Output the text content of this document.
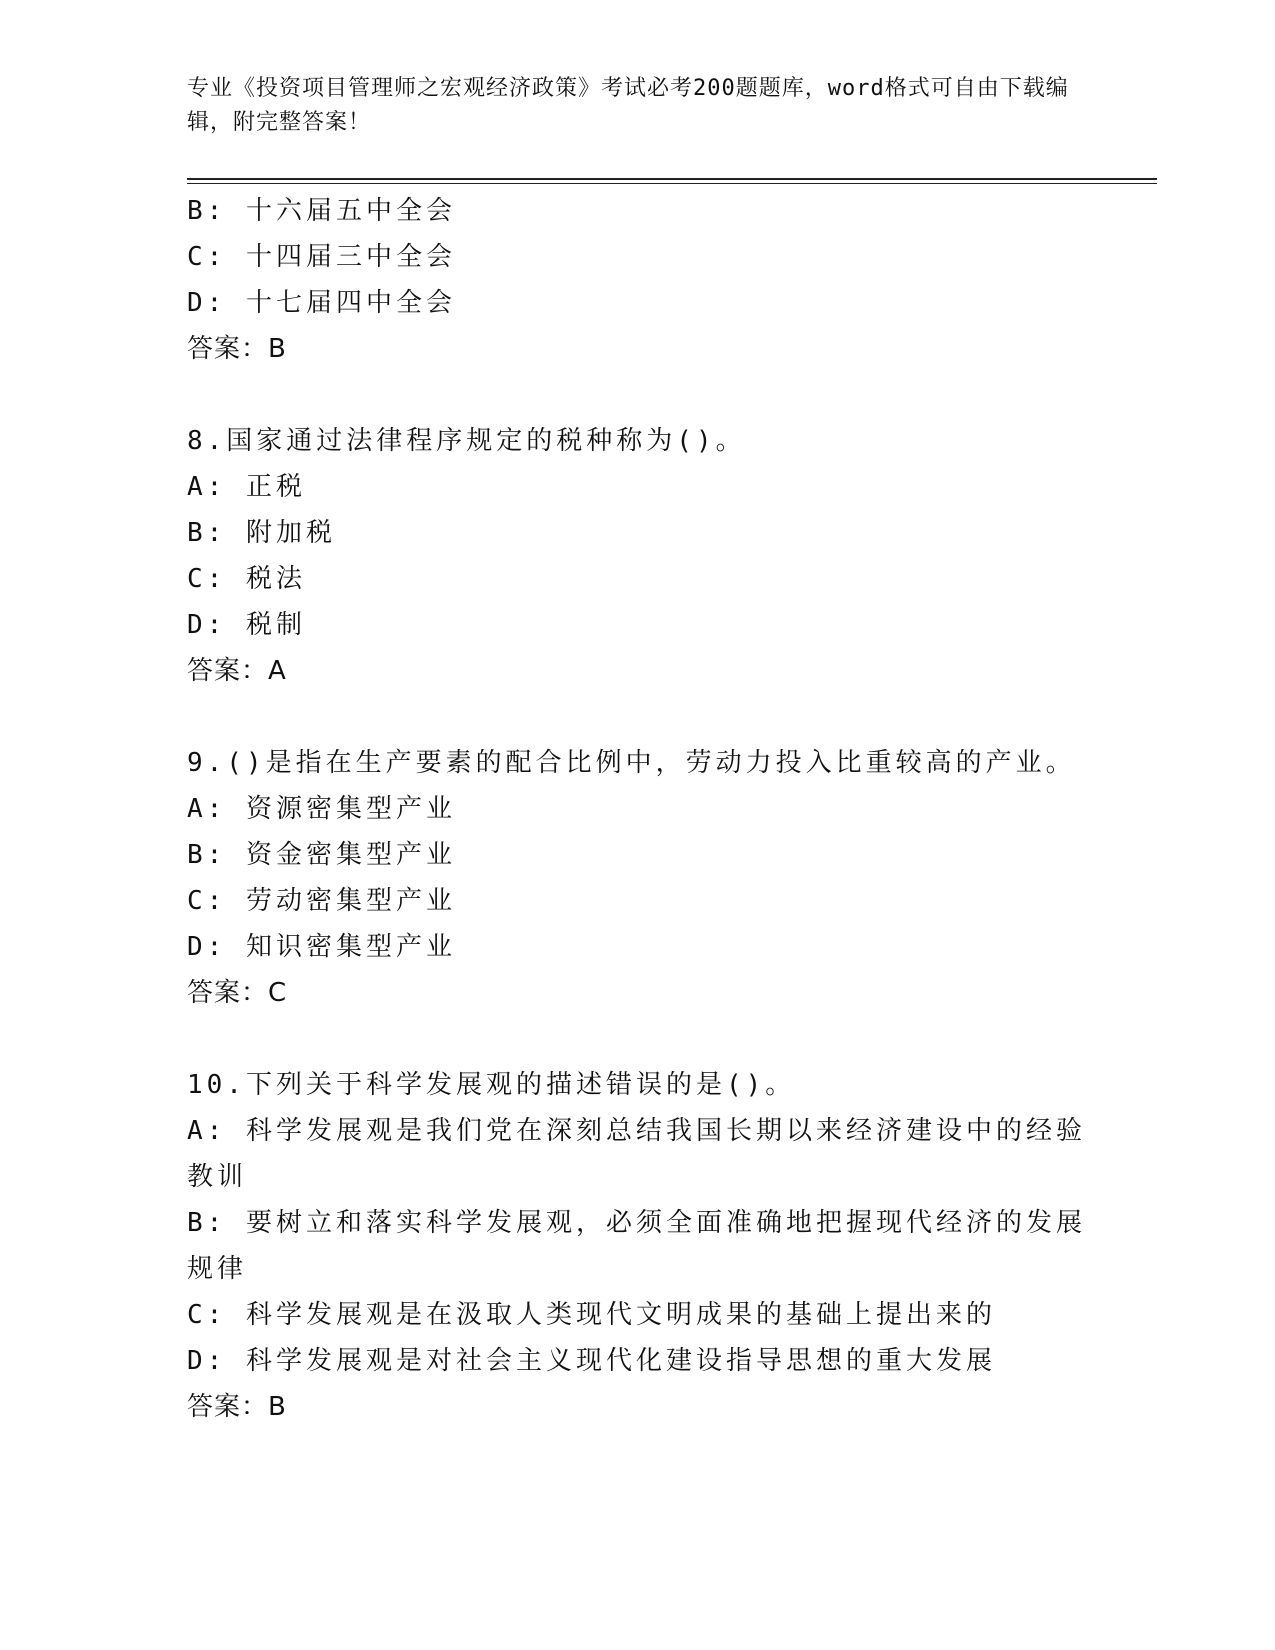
专业《投资项目管理师之宏观经济政策》考试必考200题题库，word格式可自由下载编辑，附完整答案！
B: 十六届五中全会
C: 十四届三中全会
D: 十七届四中全会
答案：B
8.国家通过法律程序规定的税种称为()。
A: 正税
B: 附加税
C: 税法
D: 税制
答案：A
9.()是指在生产要素的配合比例中，劳动力投入比重较高的产业。
A: 资源密集型产业
B: 资金密集型产业
C: 劳动密集型产业
D: 知识密集型产业
答案：C
10.下列关于科学发展观的描述错误的是()。
A: 科学发展观是我们党在深刻总结我国长期以来经济建设中的经验教训
B: 要树立和落实科学发展观，必须全面准确地把握现代经济的发展规律
C: 科学发展观是在汲取人类现代文明成果的基础上提出来的
D: 科学发展观是对社会主义现代化建设指导思想的重大发展
答案：B
